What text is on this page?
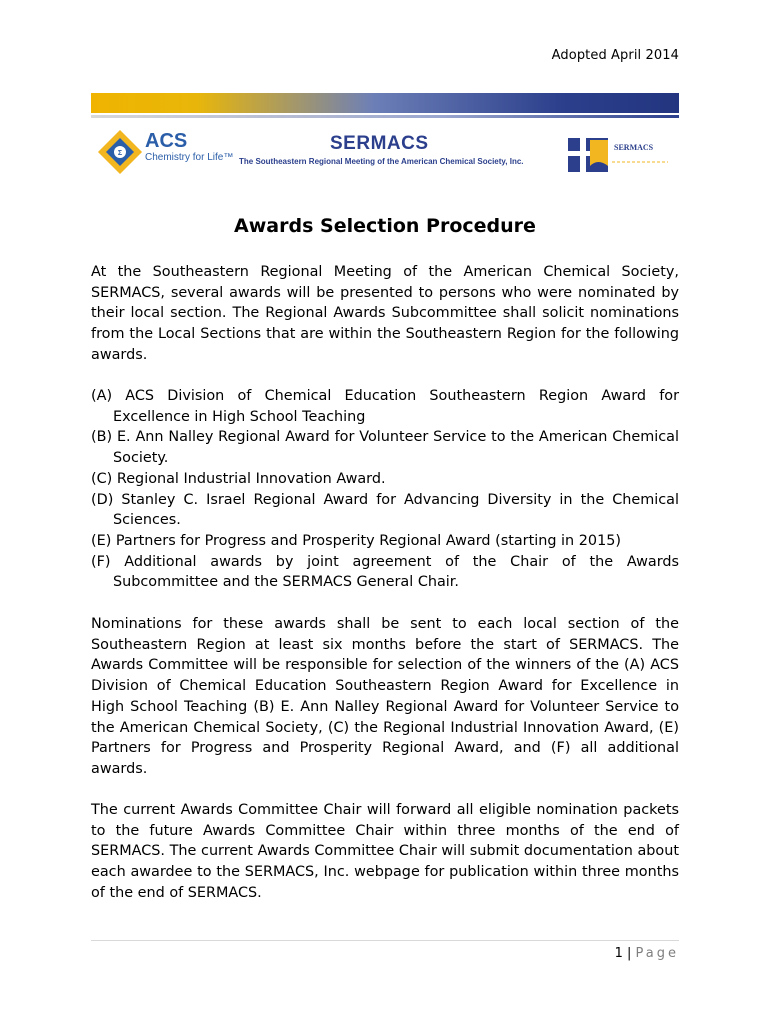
Adopted April 2014
Σ
ACS
Chemistry for Life™
SERMACS
The Southeastern Regional Meeting of the American Chemical Society, Inc.
SERMACS
Awards Selection Procedure
At the Southeastern Regional Meeting of the American Chemical Society, SERMACS, several awards will be presented to persons who were nominated by their local section. The Regional Awards Subcommittee shall solicit nominations from the Local Sections that are within the Southeastern Region for the following awards.
(A) ACS Division of Chemical Education Southeastern Region Award for Excellence in High School Teaching
(B) E. Ann Nalley Regional Award for Volunteer Service to the American Chemical Society.
(C) Regional Industrial Innovation Award.
(D) Stanley C. Israel Regional Award for Advancing Diversity in the Chemical Sciences.
(E) Partners for Progress and Prosperity Regional Award (starting in 2015)
(F) Additional awards by joint agreement of the Chair of the Awards Subcommittee and the SERMACS General Chair.
Nominations for these awards shall be sent to each local section of the Southeastern Region at least six months before the start of SERMACS. The Awards Committee will be responsible for selection of the winners of the (A) ACS Division of Chemical Education Southeastern Region Award for Excellence in High School Teaching (B) E. Ann Nalley Regional Award for Volunteer Service to the American Chemical Society, (C) the Regional Industrial Innovation Award, (E) Partners for Progress and Prosperity Regional Award, and (F) all additional awards.
The current Awards Committee Chair will forward all eligible nomination packets to the future Awards Committee Chair within three months of the end of SERMACS. The current Awards Committee Chair will submit documentation about each awardee to the SERMACS, Inc. webpage for publication within three months of the end of SERMACS.
1 | Page
